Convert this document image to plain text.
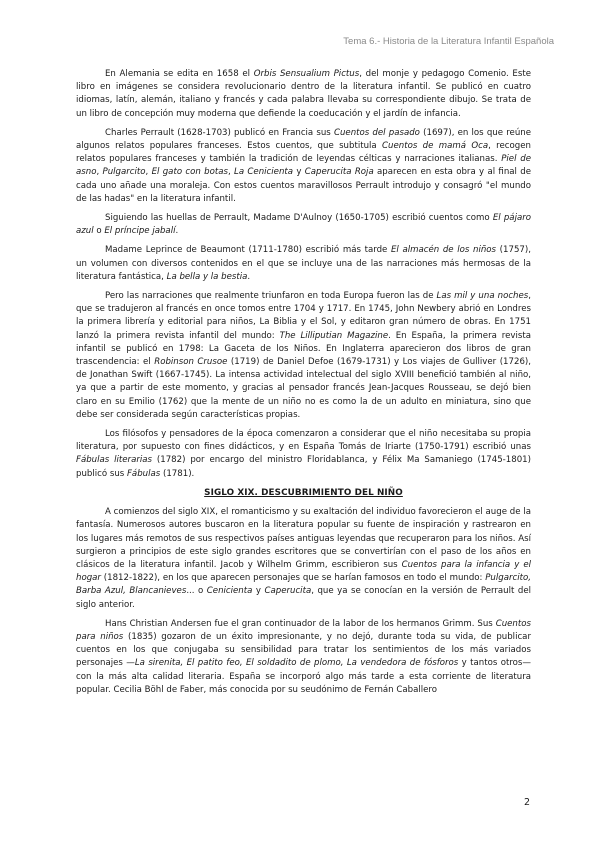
Tema 6.- Historia de la Literatura Infantil Española

En Alemania se edita en 1658 el Orbis Sensualium Pictus, del monje y pedagogo Comenio. Este libro en imágenes se considera revolucionario dentro de la literatura infantil. Se publicó en cuatro idiomas, latín, alemán, italiano y francés y cada palabra llevaba su correspondiente dibujo. Se trata de un libro de concepción muy moderna que defiende la coeducación y el jardín de infancia.

Charles Perrault (1628-1703) publicó en Francia sus Cuentos del pasado (1697), en los que reúne algunos relatos populares franceses. Estos cuentos, que subtitula Cuentos de mamá Oca, recogen relatos populares franceses y también la tradición de leyendas célticas y narraciones italianas. Piel de asno, Pulgarcito, El gato con botas, La Cenicienta y Caperucita Roja aparecen en esta obra y al final de cada uno añade una moraleja. Con estos cuentos maravillosos Perrault introdujo y consagró "el mundo de las hadas" en la literatura infantil.

Siguiendo las huellas de Perrault, Madame D'Aulnoy (1650-1705) escribió cuentos como El pájaro azul o El príncipe jabalí.

Madame Leprince de Beaumont (1711-1780) escribió más tarde El almacén de los niños (1757), un volumen con diversos contenidos en el que se incluye una de las narraciones más hermosas de la literatura fantástica, La bella y la bestia.

Pero las narraciones que realmente triunfaron en toda Europa fueron las de Las mil y una noches, que se tradujeron al francés en once tomos entre 1704 y 1717. En 1745, John Newbery abrió en Londres la primera librería y editorial para niños, La Biblia y el Sol, y editaron gran número de obras. En 1751 lanzó la primera revista infantil del mundo: The Lilliputian Magazine. En España, la primera revista infantil se publicó en 1798: La Gaceta de los Niños. En Inglaterra aparecieron dos libros de gran trascendencia: el Robinson Crusoe (1719) de Daniel Defoe (1679-1731) y Los viajes de Gulliver (1726), de Jonathan Swift (1667-1745). La intensa actividad intelectual del siglo XVIII benefició también al niño, ya que a partir de este momento, y gracias al pensador francés Jean-Jacques Rousseau, se dejó bien claro en su Emilio (1762) que la mente de un niño no es como la de un adulto en miniatura, sino que debe ser considerada según características propias.

Los filósofos y pensadores de la época comenzaron a considerar que el niño necesitaba su propia literatura, por supuesto con fines didácticos, y en España Tomás de Iriarte (1750-1791) escribió unas Fábulas literarias (1782) por encargo del ministro Floridablanca, y Félix Ma Samaniego (1745-1801) publicó sus Fábulas (1781).

SIGLO XIX. DESCUBRIMIENTO DEL NIÑO

A comienzos del siglo XIX, el romanticismo y su exaltación del individuo favorecieron el auge de la fantasía. Numerosos autores buscaron en la literatura popular su fuente de inspiración y rastrearon en los lugares más remotos de sus respectivos países antiguas leyendas que recuperaron para los niños. Así surgieron a principios de este siglo grandes escritores que se convertirían con el paso de los años en clásicos de la literatura infantil. Jacob y Wilhelm Grimm, escribieron sus Cuentos para la infancia y el hogar (1812-1822), en los que aparecen personajes que se harían famosos en todo el mundo: Pulgarcito, Barba Azul, Blancanieves... o Cenicienta y Caperucita, que ya se conocían en la versión de Perrault del siglo anterior.

Hans Christian Andersen fue el gran continuador de la labor de los hermanos Grimm. Sus Cuentos para niños (1835) gozaron de un éxito impresionante, y no dejó, durante toda su vida, de publicar cuentos en los que conjugaba su sensibilidad para tratar los sentimientos de los más variados personajes —La sirenita, El patito feo, El soldadito de plomo, La vendedora de fósforos y tantos otros— con la más alta calidad literaria. España se incorporó algo más tarde a esta corriente de literatura popular. Cecilia Böhl de Faber, más conocida por su seudónimo de Fernán Caballero

2
